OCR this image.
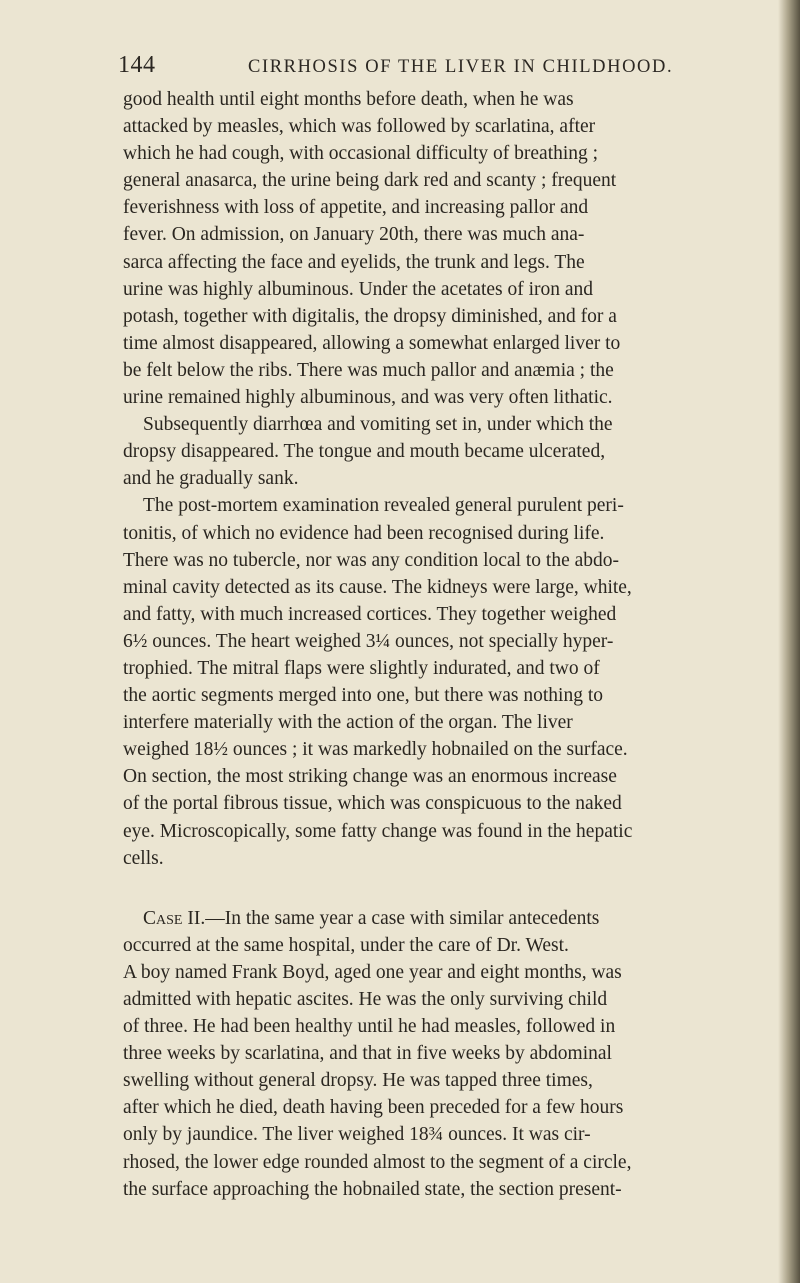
144	CIRRHOSIS OF THE LIVER IN CHILDHOOD.
good health until eight months before death, when he was
attacked by measles, which was followed by scarlatina, after
which he had cough, with occasional difficulty of breathing ;
general anasarca, the urine being dark red and scanty ; frequent
feverishness with loss of appetite, and increasing pallor and
fever. On admission, on January 20th, there was much ana-
sarca affecting the face and eyelids, the trunk and legs. The
urine was highly albuminous. Under the acetates of iron and
potash, together with digitalis, the dropsy diminished, and for a
time almost disappeared, allowing a somewhat enlarged liver to
be felt below the ribs. There was much pallor and anæmia ; the
urine remained highly albuminous, and was very often lithatic.
Subsequently diarrhœa and vomiting set in, under which the
dropsy disappeared. The tongue and mouth became ulcerated,
and he gradually sank.
The post-mortem examination revealed general purulent peri-
tonitis, of which no evidence had been recognised during life.
There was no tubercle, nor was any condition local to the abdo-
minal cavity detected as its cause. The kidneys were large, white,
and fatty, with much increased cortices. They together weighed
6½ ounces. The heart weighed 3¼ ounces, not specially hyper-
trophied. The mitral flaps were slightly indurated, and two of
the aortic segments merged into one, but there was nothing to
interfere materially with the action of the organ. The liver
weighed 18½ ounces ; it was markedly hobnailed on the surface.
On section, the most striking change was an enormous increase
of the portal fibrous tissue, which was conspicuous to the naked
eye. Microscopically, some fatty change was found in the hepatic
cells.
Case II.—In the same year a case with similar antecedents
occurred at the same hospital, under the care of Dr. West.
A boy named Frank Boyd, aged one year and eight months, was
admitted with hepatic ascites. He was the only surviving child
of three. He had been healthy until he had measles, followed in
three weeks by scarlatina, and that in five weeks by abdominal
swelling without general dropsy. He was tapped three times,
after which he died, death having been preceded for a few hours
only by jaundice. The liver weighed 18¾ ounces. It was cir-
rhosed, the lower edge rounded almost to the segment of a circle,
the surface approaching the hobnailed state, the section present-
